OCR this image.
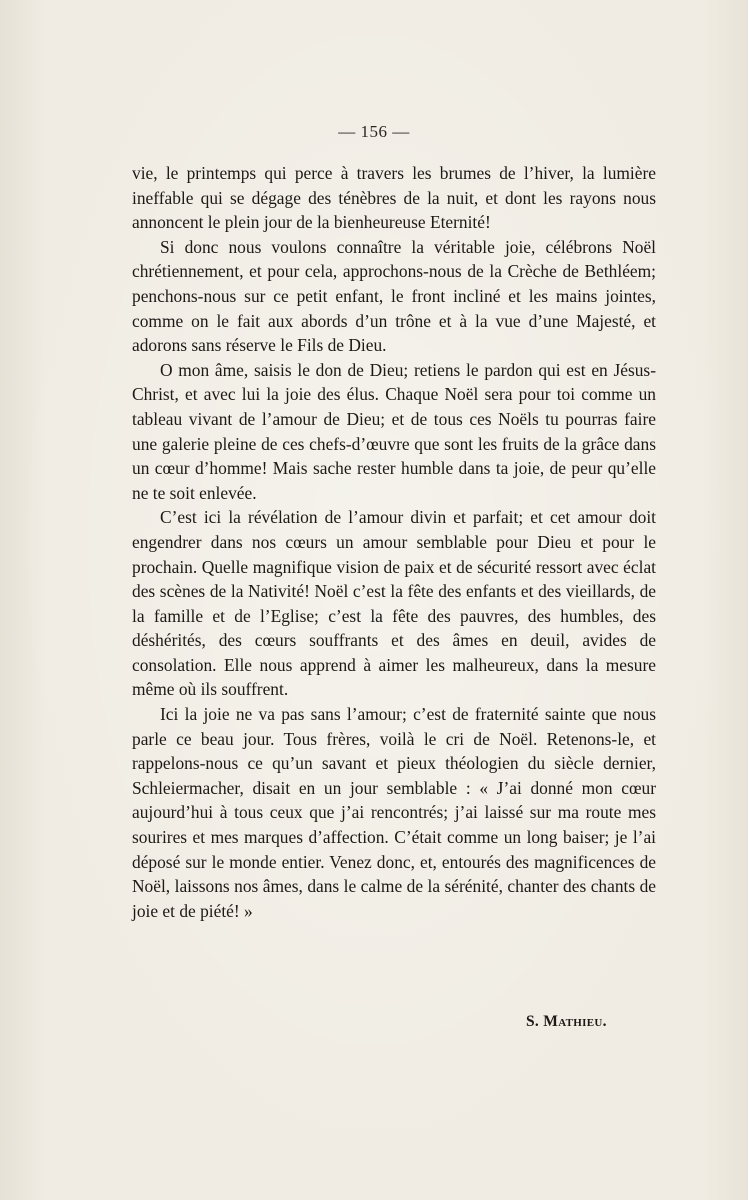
— 156 —

vie, le printemps qui perce à travers les brumes de l’hiver, la lumière ineffable qui se dégage des ténèbres de la nuit, et dont les rayons nous annoncent le plein jour de la bienheureuse Eternité!

Si donc nous voulons connaître la véritable joie, célébrons Noël chrétiennement, et pour cela, approchons-nous de la Crèche de Bethléem; penchons-nous sur ce petit enfant, le front incliné et les mains jointes, comme on le fait aux abords d’un trône et à la vue d’une Majesté, et adorons sans réserve le Fils de Dieu.

O mon âme, saisis le don de Dieu; retiens le pardon qui est en Jésus-Christ, et avec lui la joie des élus. Chaque Noël sera pour toi comme un tableau vivant de l’amour de Dieu; et de tous ces Noëls tu pourras faire une galerie pleine de ces chefs-d’œuvre que sont les fruits de la grâce dans un cœur d’homme! Mais sache rester humble dans ta joie, de peur qu’elle ne te soit enlevée.

C’est ici la révélation de l’amour divin et parfait; et cet amour doit engendrer dans nos cœurs un amour semblable pour Dieu et pour le prochain. Quelle magnifique vision de paix et de sécurité ressort avec éclat des scènes de la Nativité! Noël c’est la fête des enfants et des vieillards, de la famille et de l’Eglise; c’est la fête des pauvres, des humbles, des déshérités, des cœurs souffrants et des âmes en deuil, avides de consolation. Elle nous apprend à aimer les malheureux, dans la mesure même où ils souffrent.

Ici la joie ne va pas sans l’amour; c’est de fraternité sainte que nous parle ce beau jour. Tous frères, voilà le cri de Noël. Retenons-le, et rappelons-nous ce qu’un savant et pieux théologien du siècle dernier, Schleiermacher, disait en un jour semblable : « J’ai donné mon cœur aujourd’hui à tous ceux que j’ai rencontrés; j’ai laissé sur ma route mes sourires et mes marques d’affection. C’était comme un long baiser; je l’ai déposé sur le monde entier. Venez donc, et, entourés des magnificences de Noël, laissons nos âmes, dans le calme de la sérénité, chanter des chants de joie et de piété! »

S. Mathieu.
